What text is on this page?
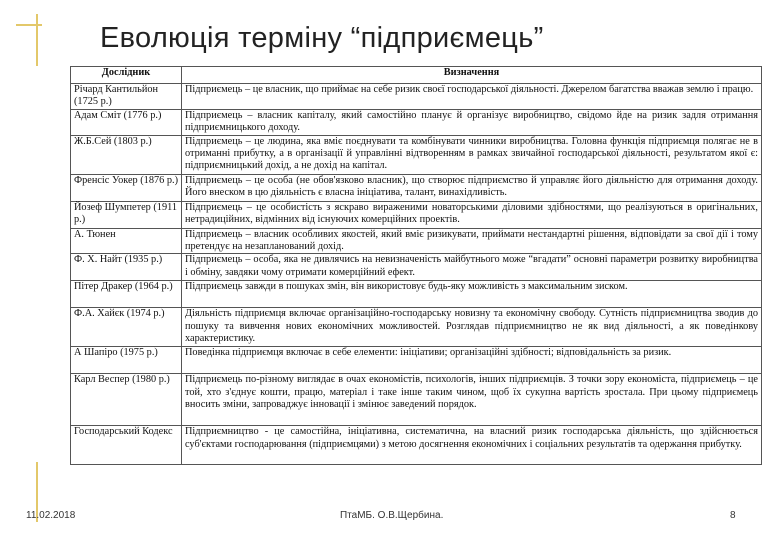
Еволюція терміну “підприємець”
Дослідник	Визначення
Річард Кантильйон (1725 р.)	Підприємець – це власник, що приймає на себе ризик своєї господарської діяльності. Джерелом багатства вважав землю і працю.
Адам Сміт (1776 р.)	Підприємець – власник капіталу, який самостійно планує й організує виробництво, свідомо йде на ризик задля отримання підприємницького доходу.
Ж.Б.Сей (1803 р.)	Підприємець – це людина, яка вміє поєднувати та комбінувати чинники виробництва. Головна функція підприємця полягає не в отриманні прибутку, а в організації й управлінні відтворенням в рамках звичайної господарської діяльності, результатом якої є: підприємницький дохід, а не дохід на капітал.
Френсіс Уокер (1876 р.)	Підприємець – це особа (не обов'язково власник), що створює підприємство й управляє його діяльністю для отримання доходу. Його внеском в цю діяльність є власна ініціатива, талант, винахідливість.
Йозеф Шумпетер (1911 р.)	Підприємець – це особистість з яскраво вираженими новаторськими діловими здібностями, що реалізуються в оригінальних, нетрадиційних, відмінних від існуючих комерційних проектів.
А. Тюнен	Підприємець – власник особливих якостей, який вміє ризикувати, приймати нестандартні рішення, відповідати за свої дії і тому претендує на незапланований дохід.
Ф. Х. Найт (1935 р.)	Підприємець – особа, яка не дивлячись на невизначеність майбутнього може “вгадати” основні параметри розвитку виробництва і обміну, завдяки чому отримати комерційний ефект.
Пітер Дракер (1964 р.)	Підприємець завжди в пошуках змін, він використовує будь-яку можливість з максимальним зиском.
Ф.А. Хайєк (1974 р.)	Діяльність підприємця включає організаційно-господарську новизну та економічну свободу. Сутність підприємництва зводив до пошуку та вивчення нових економічних можливостей. Розглядав підприємництво не як вид діяльності, а як поведінкову характеристику.
А Шапіро (1975 р.)	Поведінка підприємця включає в себе елементи: ініціативи; організаційні здібності; відповідальність за ризик.
Карл Веспер (1980 р.)	Підприємець по-різному виглядає в очах економістів, психологів, інших підприємців. З точки зору економіста, підприємець – це той, хто з'єднує кошти, працю, матеріал і таке інше таким чином, щоб їх сукупна вартість зростала. При цьому підприємець вносить зміни, запроваджує інновації і змінює заведений порядок.
Господарський Кодекс	Підприємництво - це самостійна, ініціативна, систематична, на власний ризик господарська діяльність, що здійснюється суб'єктами господарювання (підприємцями) з метою досягнення економічних і соціальних результатів та одержання прибутку.
11.02.2018	ПтаМБ. О.В.Щербина.	8
